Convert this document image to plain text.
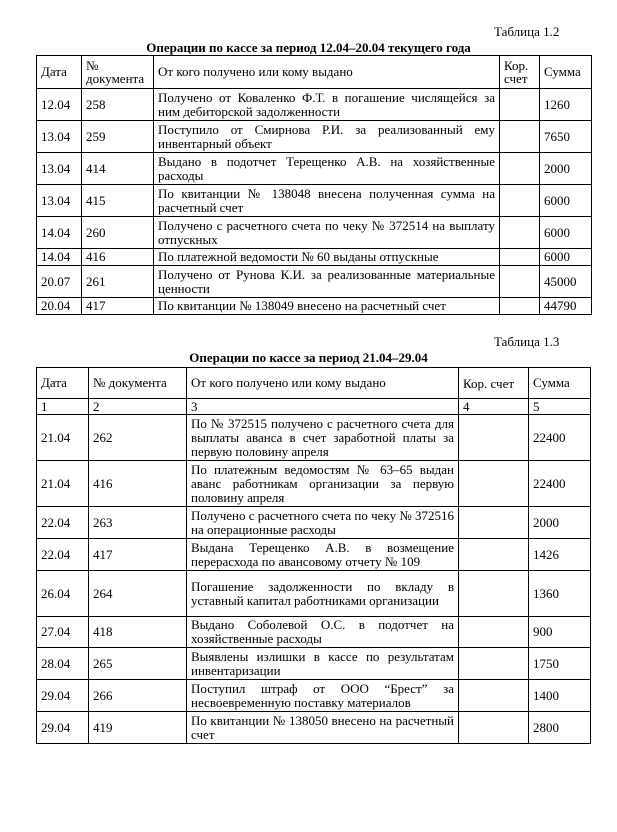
Таблица 1.2
Операции по кассе за период 12.04–20.04 текущего года
Дата	№ документа	От кого получено или кому выдано	Кор. счет	Сумма
12.04	258	Получено от Коваленко Ф.Т. в погашение числящейся за ним дебиторской задолженности		1260
13.04	259	Поступило от Смирнова Р.И. за реализованный ему инвентарный объект		7650
13.04	414	Выдано в подотчет Терещенко А.В. на хозяйственные расходы		2000
13.04	415	По квитанции № 138048 внесена полученная сумма на расчетный счет		6000
14.04	260	Получено с расчетного счета по чеку № 372514 на выплату отпускных		6000
14.04	416	По платежной ведомости № 60 выданы отпускные		6000
20.07	261	Получено от Рунова К.И. за реализованные материальные ценности		45000
20.04	417	По квитанции № 138049 внесено на расчетный счет		44790
Таблица 1.3
Операции по кассе за период 21.04–29.04
Дата	№ документа	От кого получено или кому выдано	Кор. счет	Сумма
1	2	3	4	5
21.04	262	По № 372515 получено с расчетного счета для выплаты аванса в счет заработной платы за первую половину апреля		22400
21.04	416	По платежным ведомостям № 63–65 выдан аванс работникам организации за первую половину апреля		22400
22.04	263	Получено с расчетного счета по чеку № 372516 на операционные расходы		2000
22.04	417	Выдана Терещенко А.В. в возмещение перерасхода по авансовому отчету № 109		1426
26.04	264	Погашение задолженности по вкладу в уставный капитал работниками организации		1360
27.04	418	Выдано Соболевой О.С. в подотчет на хозяйственные расходы		900
28.04	265	Выявлены излишки в кассе по результатам инвентаризации		1750
29.04	266	Поступил штраф от ООО “Брест” за несвоевременную поставку материалов		1400
29.04	419	По квитанции № 138050 внесено на расчетный счет		2800
